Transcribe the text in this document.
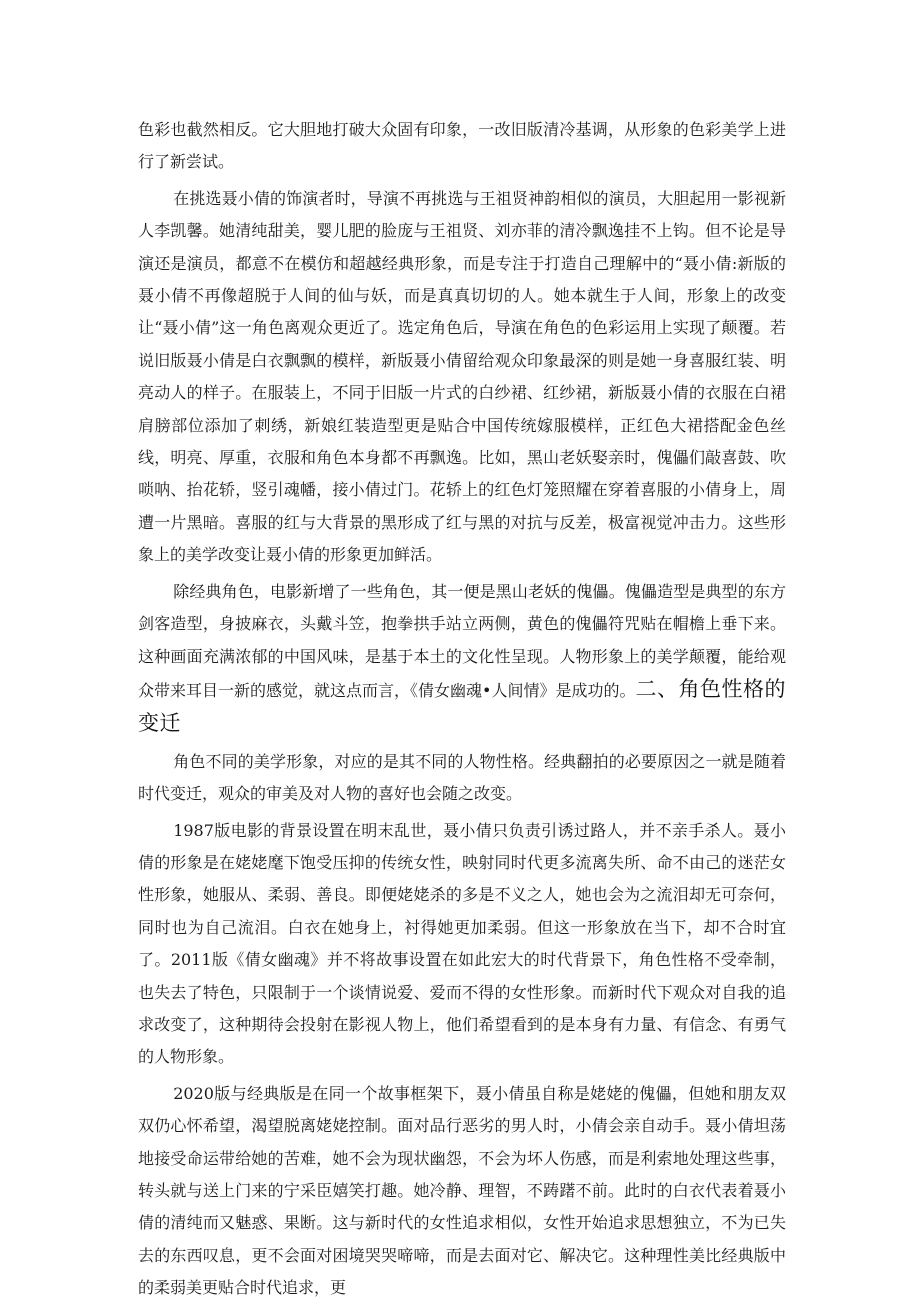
色彩也截然相反。它大胆地打破大众固有印象，一改旧版清冷基调，从形象的色彩美学上进行了新尝试。

在挑选聂小倩的饰演者时，导演不再挑选与王祖贤神韵相似的演员，大胆起用一影视新人李凯馨。她清纯甜美，婴儿肥的脸庞与王祖贤、刘亦菲的清冷飘逸挂不上钩。但不论是导演还是演员，都意不在模仿和超越经典形象，而是专注于打造自己理解中的“聂小倩:新版的聂小倩不再像超脱于人间的仙与妖，而是真真切切的人。她本就生于人间，形象上的改变让“聂小倩”这一角色离观众更近了。选定角色后，导演在角色的色彩运用上实现了颠覆。若说旧版聂小倩是白衣飘飘的模样，新版聂小倩留给观众印象最深的则是她一身喜服红装、明亮动人的样子。在服装上，不同于旧版一片式的白纱裙、红纱裙，新版聂小倩的衣服在白裙肩膀部位添加了刺绣，新娘红装造型更是贴合中国传统嫁服模样，正红色大裙搭配金色丝线，明亮、厚重，衣服和角色本身都不再飘逸。比如，黑山老妖娶亲时，傀儡们敲喜鼓、吹唢呐、抬花轿，竖引魂幡，接小倩过门。花轿上的红色灯笼照耀在穿着喜服的小倩身上，周遭一片黑暗。喜服的红与大背景的黑形成了红与黑的对抗与反差，极富视觉冲击力。这些形象上的美学改变让聂小倩的形象更加鲜活。

除经典角色，电影新增了一些角色，其一便是黑山老妖的傀儡。傀儡造型是典型的东方剑客造型，身披麻衣，头戴斗笠，抱拳拱手站立两侧，黄色的傀儡符咒贴在帽檐上垂下来。这种画面充满浓郁的中国风味，是基于本土的文化性呈现。人物形象上的美学颠覆，能给观众带来耳目一新的感觉，就这点而言，《倩女幽魂•人间情》是成功的。二、角色性格的变迁

角色不同的美学形象，对应的是其不同的人物性格。经典翻拍的必要原因之一就是随着时代变迁，观众的审美及对人物的喜好也会随之改变。

1987版电影的背景设置在明末乱世，聂小倩只负责引诱过路人，并不亲手杀人。聂小倩的形象是在姥姥麾下饱受压抑的传统女性，映射同时代更多流离失所、命不由己的迷茫女性形象，她服从、柔弱、善良。即便姥姥杀的多是不义之人，她也会为之流泪却无可奈何，同时也为自己流泪。白衣在她身上，衬得她更加柔弱。但这一形象放在当下，却不合时宜了。2011版《倩女幽魂》并不将故事设置在如此宏大的时代背景下，角色性格不受牵制，也失去了特色，只限制于一个谈情说爱、爱而不得的女性形象。而新时代下观众对自我的追求改变了，这种期待会投射在影视人物上，他们希望看到的是本身有力量、有信念、有勇气的人物形象。

2020版与经典版是在同一个故事框架下，聂小倩虽自称是姥姥的傀儡，但她和朋友双双仍心怀希望，渴望脱离姥姥控制。面对品行恶劣的男人时，小倩会亲自动手。聂小倩坦荡地接受命运带给她的苦难，她不会为现状幽怨，不会为坏人伤感，而是利索地处理这些事，转头就与送上门来的宁采臣嬉笑打趣。她冷静、理智，不踌躇不前。此时的白衣代表着聂小倩的清纯而又魅惑、果断。这与新时代的女性追求相似，女性开始追求思想独立，不为已失去的东西叹息，更不会面对困境哭哭啼啼，而是去面对它、解决它。这种理性美比经典版中的柔弱美更贴合时代追求，更
